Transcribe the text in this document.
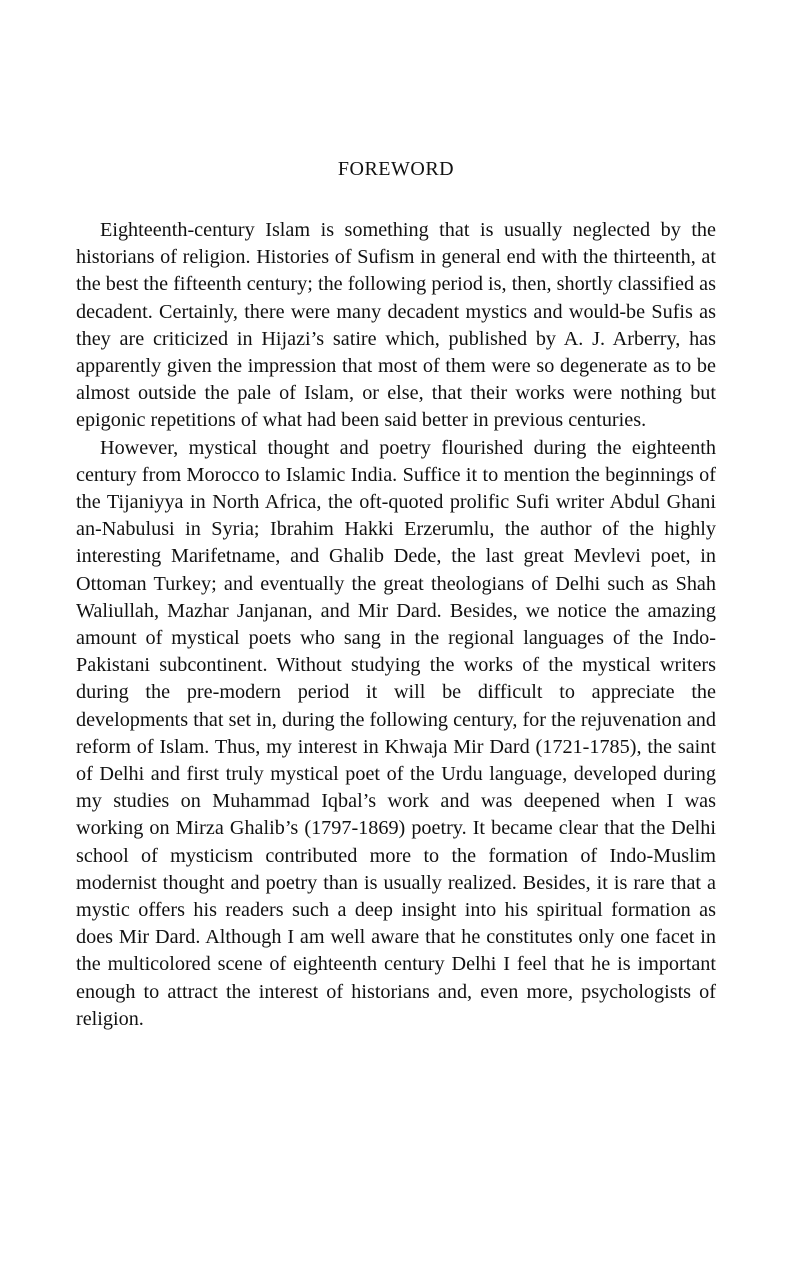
FOREWORD

Eighteenth-century Islam is something that is usually neglected by the historians of religion. Histories of Sufism in general end with the thirteenth, at the best the fifteenth century; the following period is, then, shortly classified as decadent. Certainly, there were many decadent mystics and would-be Sufis as they are criticized in Hijazi’s satire which, published by A. J. Arberry, has apparently given the impression that most of them were so degenerate as to be almost outside the pale of Islam, or else, that their works were nothing but epigonic repetitions of what had been said better in previous centuries.

However, mystical thought and poetry flourished during the eighteenth century from Morocco to Islamic India. Suffice it to mention the beginnings of the Tijaniyya in North Africa, the oft-quoted prolific Sufi writer Abdul Ghani an-Nabulusi in Syria; Ibrahim Hakki Erzerumlu, the author of the highly interesting Marifetname, and Ghalib Dede, the last great Mevlevi poet, in Ottoman Turkey; and eventually the great theologians of Delhi such as Shah Waliullah, Mazhar Janjanan, and Mir Dard. Besides, we notice the amazing amount of mystical poets who sang in the regional languages of the Indo-Pakistani subcontinent. Without studying the works of the mystical writers during the pre-modern period it will be difficult to appreciate the developments that set in, during the following century, for the rejuvenation and reform of Islam. Thus, my interest in Khwaja Mir Dard (1721-1785), the saint of Delhi and first truly mystical poet of the Urdu language, developed during my studies on Muhammad Iqbal’s work and was deepened when I was working on Mirza Ghalib’s (1797-1869) poetry. It became clear that the Delhi school of mysticism contributed more to the formation of Indo-Muslim modernist thought and poetry than is usually realized. Besides, it is rare that a mystic offers his readers such a deep insight into his spiritual formation as does Mir Dard. Although I am well aware that he constitutes only one facet in the multicolored scene of eighteenth century Delhi I feel that he is important enough to attract the interest of historians and, even more, psychologists of religion.
